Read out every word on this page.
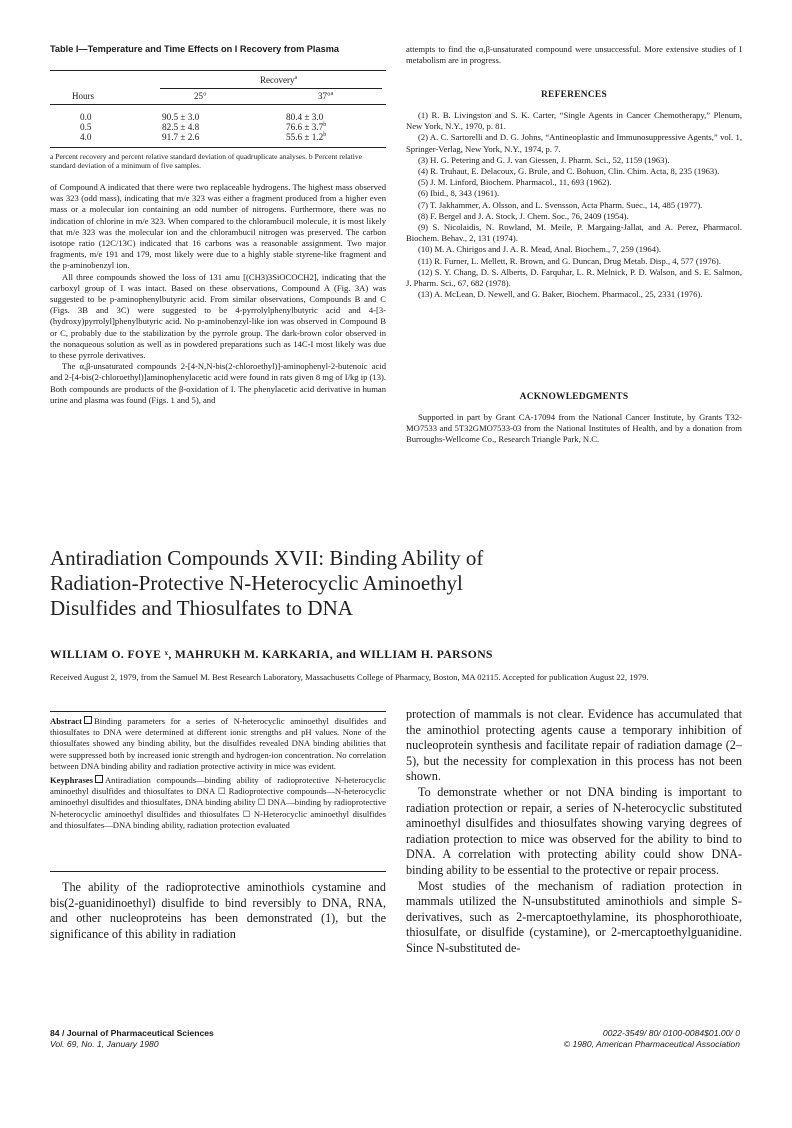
Table I—Temperature and Time Effects on I Recovery from Plasma
Recovery$^a$
Hours	25°	37°$^a$
0.0	90.5 ± 3.0	80.4 ± 3.0
0.5	82.5 ± 4.8	76.6 ± 3.7$^b$
4.0	91.7 ± 2.6	55.6 ± 1.2$^b$
a Percent recovery and percent relative standard deviation of quadruplicate analyses. b Percent relative standard deviation of a minimum of five samples.

of Compound A indicated that there were two replaceable hydrogens. The highest mass observed was 323 (odd mass), indicating that m/e 323 was either a fragment produced from a higher even mass or a molecular ion containing an odd number of nitrogens. Furthermore, there was no indication of chlorine in m/e 323. When compared to the chlorambucil molecule, it is most likely that m/e 323 was the molecular ion and the chlorambucil nitrogen was preserved. The carbon isotope ratio (12C/13C) indicated that 16 carbons was a reasonable assignment. Two major fragments, m/e 191 and 179, most likely were due to a highly stable styrene-like fragment and the p-aminobenzyl ion.

All three compounds showed the loss of 131 amu [(CH3)3SiOCOCH2], indicating that the carboxyl group of I was intact. Based on these observations, Compound A (Fig. 3A) was suggested to be p-aminophenylbutyric acid. From similar observations, Compounds B and C (Figs. 3B and 3C) were suggested to be 4-pyrrolylphenylbutyric acid and 4-[3-(hydroxy)pyrrolyl]phenylbutyric acid. No p-aminobenzyl-like ion was observed in Compound B or C, probably due to the stabilization by the pyrrole group. The dark-brown color observed in the nonaqueous solution as well as in powdered preparations such as 14C-I most likely was due to these pyrrole derivatives.

The α,β-unsaturated compounds 2-[4-N,N-bis(2-chloroethyl)]-aminophenyl-2-butenoic acid and 2-[4-bis(2-chloroethyl)]aminophenylacetic acid were found in rats given 8 mg of I/kg ip (13). Both compounds are products of the β-oxidation of I. The phenylacetic acid derivative in human urine and plasma was found (Figs. 1 and 5), and

attempts to find the α,β-unsaturated compound were unsuccessful. More extensive studies of I metabolism are in progress.
REFERENCES

(1) R. B. Livingston and S. K. Carter, “Single Agents in Cancer Chemotherapy,” Plenum, New York, N.Y., 1970, p. 81.

(2) A. C. Sartorelli and D. G. Johns, “Antineoplastic and Immunosuppressive Agents,” vol. 1, Springer-Verlag, New York, N.Y., 1974, p. 7.

(3) H. G. Petering and G. J. van Giessen, J. Pharm. Sci., 52, 1159 (1963).

(4) R. Truhaut, E. Delacoux, G. Brule, and C. Bohuon, Clin. Chim. Acta, 8, 235 (1963).

(5) J. M. Linford, Biochem. Pharmacol., 11, 693 (1962).

(6) Ibid., 8, 343 (1961).

(7) T. Jakhammer, A. Olsson, and L. Svensson, Acta Pharm. Suec., 14, 485 (1977).

(8) F. Bergel and J. A. Stock, J. Chem. Soc., 76, 2409 (1954).

(9) S. Nicolaidis, N. Rowland, M. Meile, P. Margaing-Jallat, and A. Perez, Pharmacol. Biochem. Behav., 2, 131 (1974).

(10) M. A. Chirigos and J. A. R. Mead, Anal. Biochem., 7, 259 (1964).

(11) R. Furner, L. Mellett, R. Brown, and G. Duncan, Drug Metab. Disp., 4, 577 (1976).

(12) S. Y. Chang, D. S. Alberts, D. Farquhar, L. R. Melnick, P. D. Walson, and S. E. Salmon, J. Pharm. Sci., 67, 682 (1978).

(13) A. McLean, D. Newell, and G. Baker, Biochem. Pharmacol., 25, 2331 (1976).

ACKNOWLEDGMENTS
Supported in part by Grant CA-17094 from the National Cancer Institute, by Grants T32-MO7533 and 5T32GMO7533-03 from the National Institutes of Health, and by a donation from Burroughs-Wellcome Co., Research Triangle Park, N.C.
Antiradiation Compounds XVII: Binding Ability of
Radiation-Protective N-Heterocyclic Aminoethyl
Disulfides and Thiosulfates to DNA
WILLIAM O. FOYE ˣ, MAHRUKH M. KARKARIA, and WILLIAM H. PARSONS
Received August 2, 1979, from the Samuel M. Best Research Laboratory, Massachusetts College of Pharmacy, Boston, MA 02115. Accepted for publication August 22, 1979.

Abstract Binding parameters for a series of N-heterocyclic aminoethyl disulfides and thiosulfates to DNA were determined at different ionic strengths and pH values. None of the thiosulfates showed any binding ability, but the disulfides revealed DNA binding abilities that were suppressed both by increased ionic strength and hydrogen-ion concentration. No correlation between DNA binding ability and radiation protective activity in mice was evident.

Keyphrases Antiradiation compounds—binding ability of radioprotective N-heterocyclic aminoethyl disulfides and thiosulfates to DNA ☐ Radioprotective compounds—N-heterocyclic aminoethyl disulfides and thiosulfates, DNA binding ability ☐ DNA—binding by radioprotective N-heterocyclic aminoethyl disulfides and thiosulfates ☐ N-Heterocyclic aminoethyl disulfides and thiosulfates—DNA binding ability, radiation protection evaluated

The ability of the radioprotective aminothiols cystamine and bis(2-guanidinoethyl) disulfide to bind reversibly to DNA, RNA, and other nucleoproteins has been demonstrated (1), but the significance of this ability in radiation

protection of mammals is not clear. Evidence has accumulated that the aminothiol protecting agents cause a temporary inhibition of nucleoprotein synthesis and facilitate repair of radiation damage (2–5), but the necessity for complexation in this process has not been shown.

To demonstrate whether or not DNA binding is important to radiation protection or repair, a series of N-heterocyclic substituted aminoethyl disulfides and thiosulfates showing varying degrees of radiation protection to mice was observed for the ability to bind to DNA. A correlation with protecting ability could show DNA-binding ability to be essential to the protective or repair process.

Most studies of the mechanism of radiation protection in mammals utilized the N-unsubstituted aminothiols and simple S-derivatives, such as 2-mercaptoethylamine, its phosphorothioate, thiosulfate, or disulfide (cystamine), or 2-mercaptoethylguanidine. Since N-substituted de-

84 / Journal of Pharmaceutical Sciences
Vol. 69, No. 1, January 1980
0022-3549/ 80/ 0100-0084$01.00/ 0
© 1980, American Pharmaceutical Association
